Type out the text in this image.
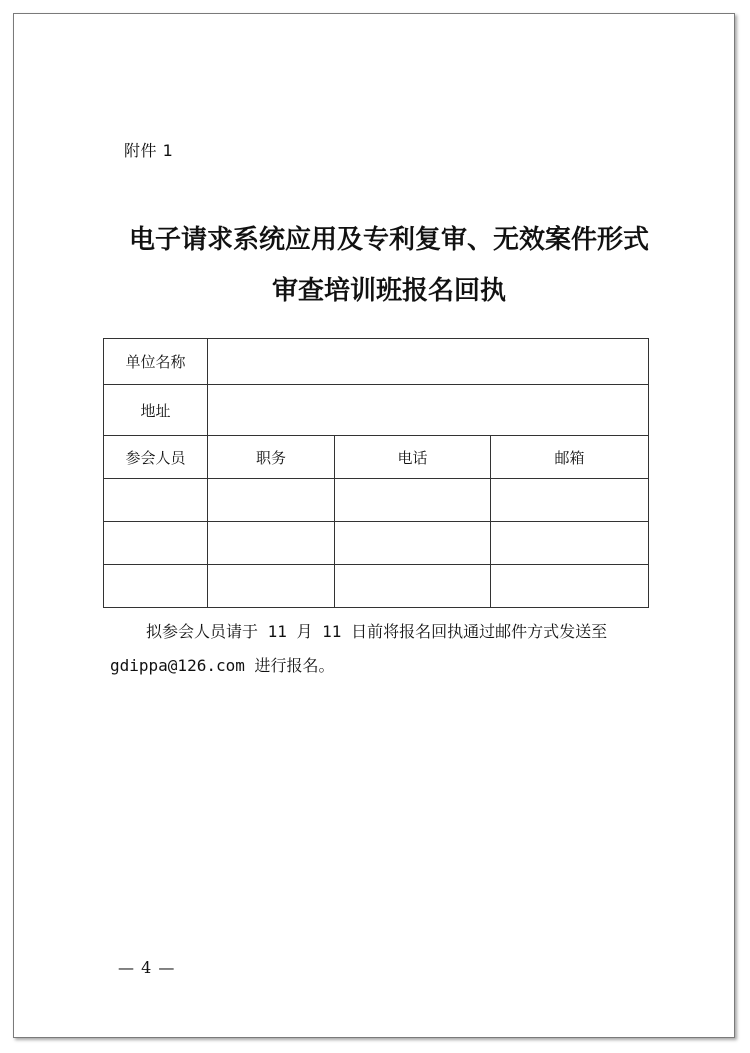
附件 1
电子请求系统应用及专利复审、无效案件形式
审查培训班报名回执
单位名称			
地址			
参会人员	职务	电话	邮箱

拟参会人员请于 11 月 11 日前将报名回执通过邮件方式发送至
gdippa@126.com 进行报名。
— 4 —
